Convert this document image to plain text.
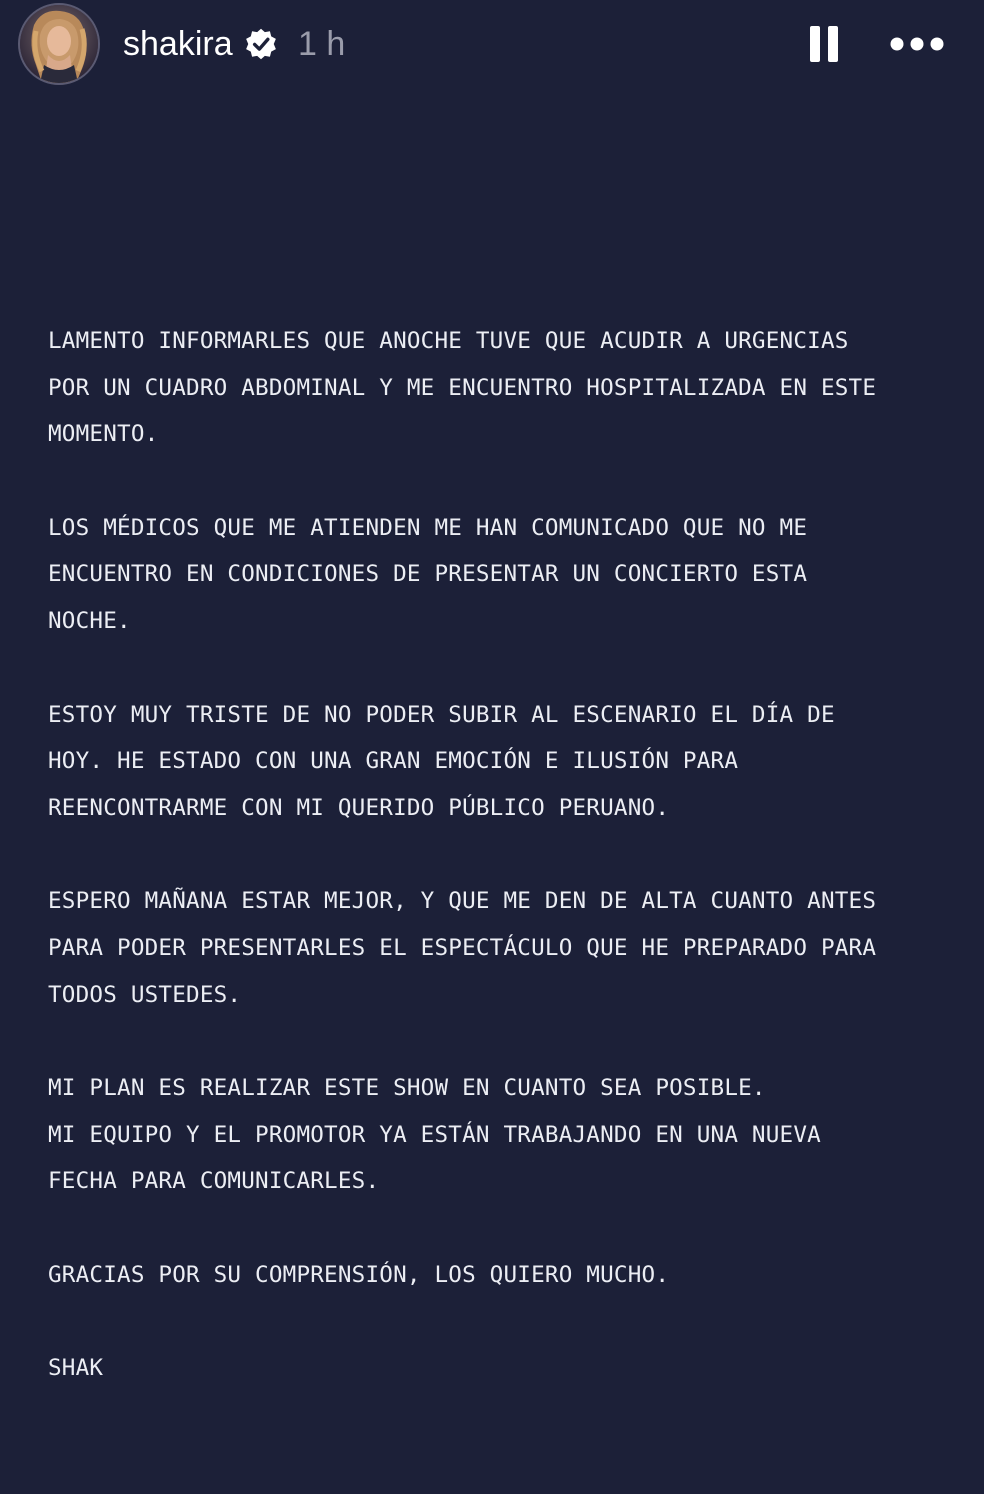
shakira 1 h
LAMENTO INFORMARLES QUE ANOCHE TUVE QUE ACUDIR A URGENCIAS
POR UN CUADRO ABDOMINAL Y ME ENCUENTRO HOSPITALIZADA EN ESTE
MOMENTO.
LOS MÉDICOS QUE ME ATIENDEN ME HAN COMUNICADO QUE NO ME
ENCUENTRO EN CONDICIONES DE PRESENTAR UN CONCIERTO ESTA
NOCHE.
ESTOY MUY TRISTE DE NO PODER SUBIR AL ESCENARIO EL DÍA DE
HOY. HE ESTADO CON UNA GRAN EMOCIÓN E ILUSIÓN PARA
REENCONTRARME CON MI QUERIDO PÚBLICO PERUANO.
ESPERO MAÑANA ESTAR MEJOR, Y QUE ME DEN DE ALTA CUANTO ANTES
PARA PODER PRESENTARLES EL ESPECTÁCULO QUE HE PREPARADO PARA
TODOS USTEDES.
MI PLAN ES REALIZAR ESTE SHOW EN CUANTO SEA POSIBLE.
MI EQUIPO Y EL PROMOTOR YA ESTÁN TRABAJANDO EN UNA NUEVA
FECHA PARA COMUNICARLES.
GRACIAS POR SU COMPRENSIÓN, LOS QUIERO MUCHO.
SHAK
